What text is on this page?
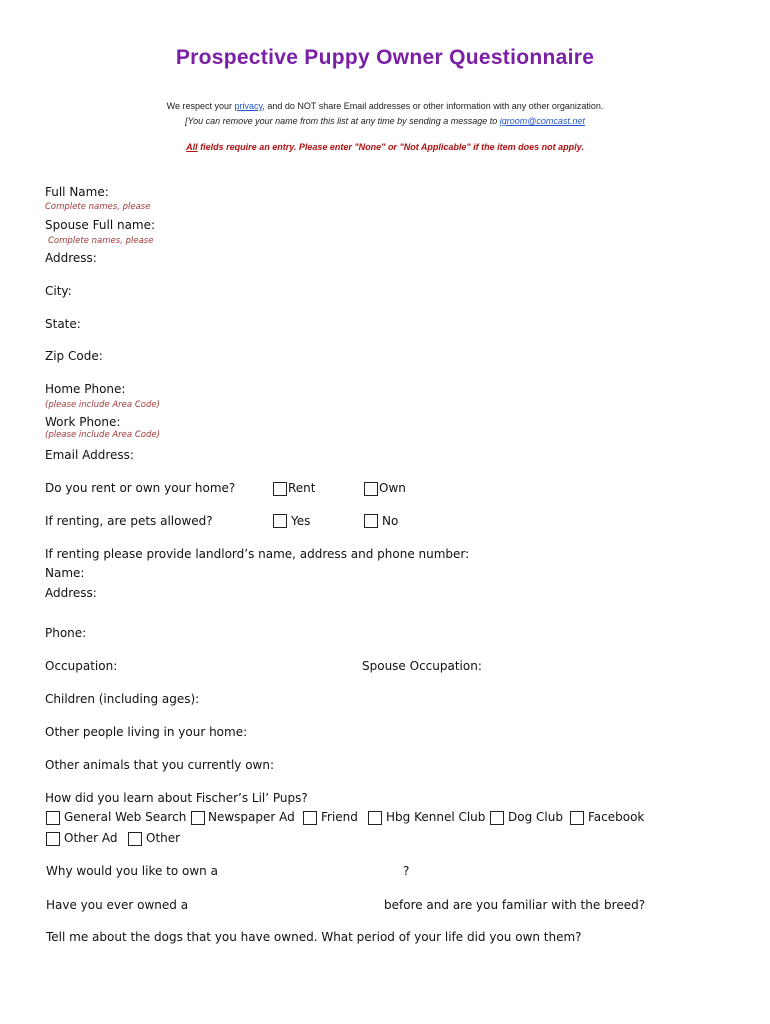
Prospective Puppy Owner Questionnaire
We respect your privacy, and do NOT share Email addresses or other information with any other organization.
[You can remove your name from this list at any time by sending a message to igroom@comcast.net
All fields require an entry. Please enter "None" or "Not Applicable" if the item does not apply.
Full Name:
Complete names, please
Spouse Full name:
Complete names, please
Address:
City:
State:
Zip Code:
Home Phone:
(please include Area Code)
Work Phone:
(please include Area Code)
Email Address:
Do you rent or own your home?	Rent	Own
If renting, are pets allowed?	Yes	No
If renting please provide landlord’s name, address and phone number:
Name:
Address:
Phone:
Occupation:	Spouse Occupation:
Children (including ages):
Other people living in your home:
Other animals that you currently own:
How did you learn about Fischer’s Lil’ Pups?
General Web Search Newspaper Ad Friend Hbg Kennel Club Dog Club Facebook
Other Ad Other
Why would you like to own a	?
Have you ever owned a	before and are you familiar with the breed?
Tell me about the dogs that you have owned. What period of your life did you own them?
